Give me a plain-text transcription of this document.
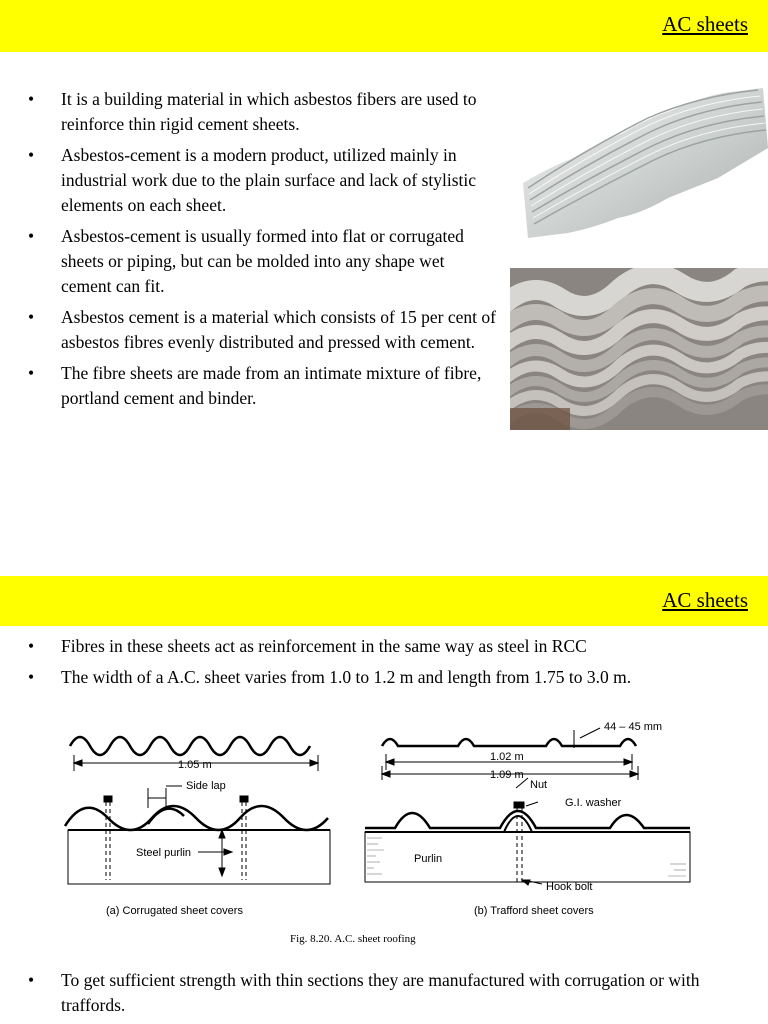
AC sheets
• It is a building material in which asbestos fibers are used to reinforce thin rigid cement sheets.
• Asbestos-cement is a modern product, utilized mainly in industrial work due to the plain surface and lack of stylistic elements on each sheet.
• Asbestos-cement is usually formed into flat or corrugated sheets or piping, but can be molded into any shape wet cement can fit.
• Asbestos cement is a material which consists of 15 per cent of asbestos fibres evenly distributed and pressed with cement.
• The fibre sheets are made from an intimate mixture of fibre, portland cement and binder.
AC sheets
• Fibres in these sheets act as reinforcement in the same way as steel in RCC
• The width of a A.C. sheet varies from 1.0 to 1.2 m and length from 1.75 to 3.0 m.
1.05 m
Side lap
Steel purlin
(a) Corrugated sheet covers
44 – 45 mm
1.02 m
1.09 m
Nut
G.I. washer
Purlin
Hook bolt
(b) Trafford sheet covers
Fig. 8.20. A.C. sheet roofing
• To get sufficient strength with thin sections they are manufactured with corrugation or with traffords.
